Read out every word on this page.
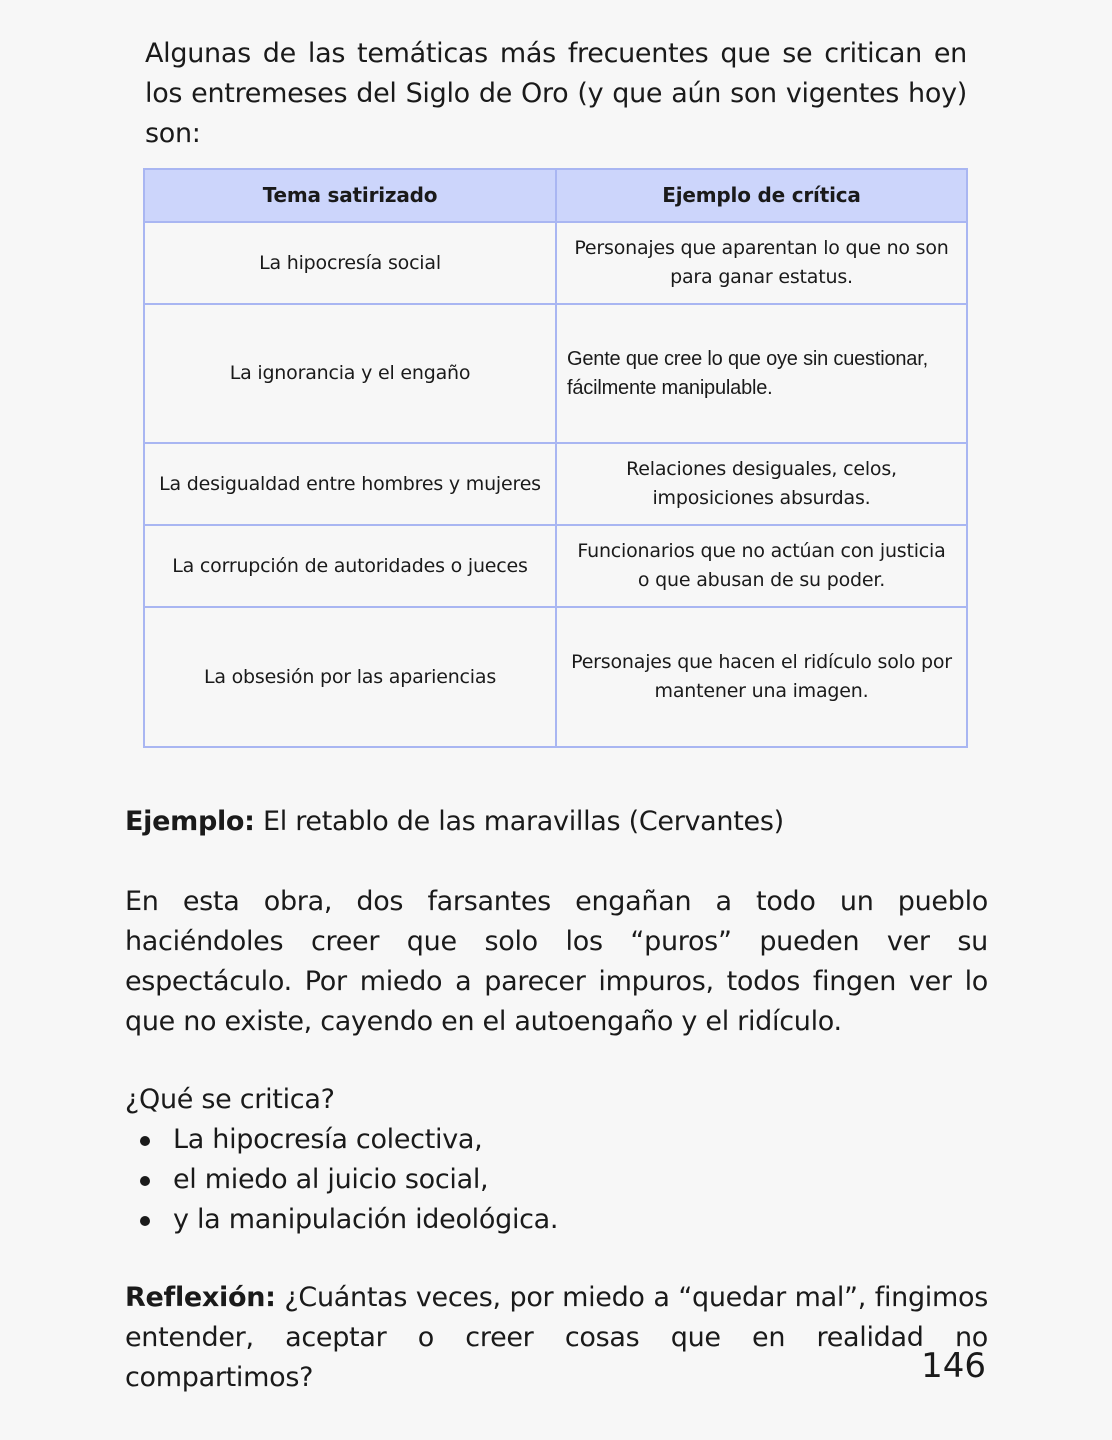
Algunas de las temáticas más frecuentes que se critican en los entremeses del Siglo de Oro (y que aún son vigentes hoy) son:

Tema satirizado	Ejemplo de crítica
La hipocresía social	Personajes que aparentan lo que no son para ganar estatus.
La ignorancia y el engaño	Gente que cree lo que oye sin cuestionar, fácilmente manipulable.
La desigualdad entre hombres y mujeres	Relaciones desiguales, celos, imposiciones absurdas.
La corrupción de autoridades o jueces	Funcionarios que no actúan con justicia o que abusan de su poder.
La obsesión por las apariencias	Personajes que hacen el ridículo solo por mantener una imagen.

Ejemplo: El retablo de las maravillas (Cervantes)

En esta obra, dos farsantes engañan a todo un pueblo haciéndoles creer que solo los “puros” pueden ver su espectáculo. Por miedo a parecer impuros, todos fingen ver lo que no existe, cayendo en el autoengaño y el ridículo.

¿Qué se critica?

La hipocresía colectiva,
el miedo al juicio social,
y la manipulación ideológica.

Reflexión: ¿Cuántas veces, por miedo a “quedar mal”, fingimos entender, aceptar o creer cosas que en realidad no compartimos?	146
